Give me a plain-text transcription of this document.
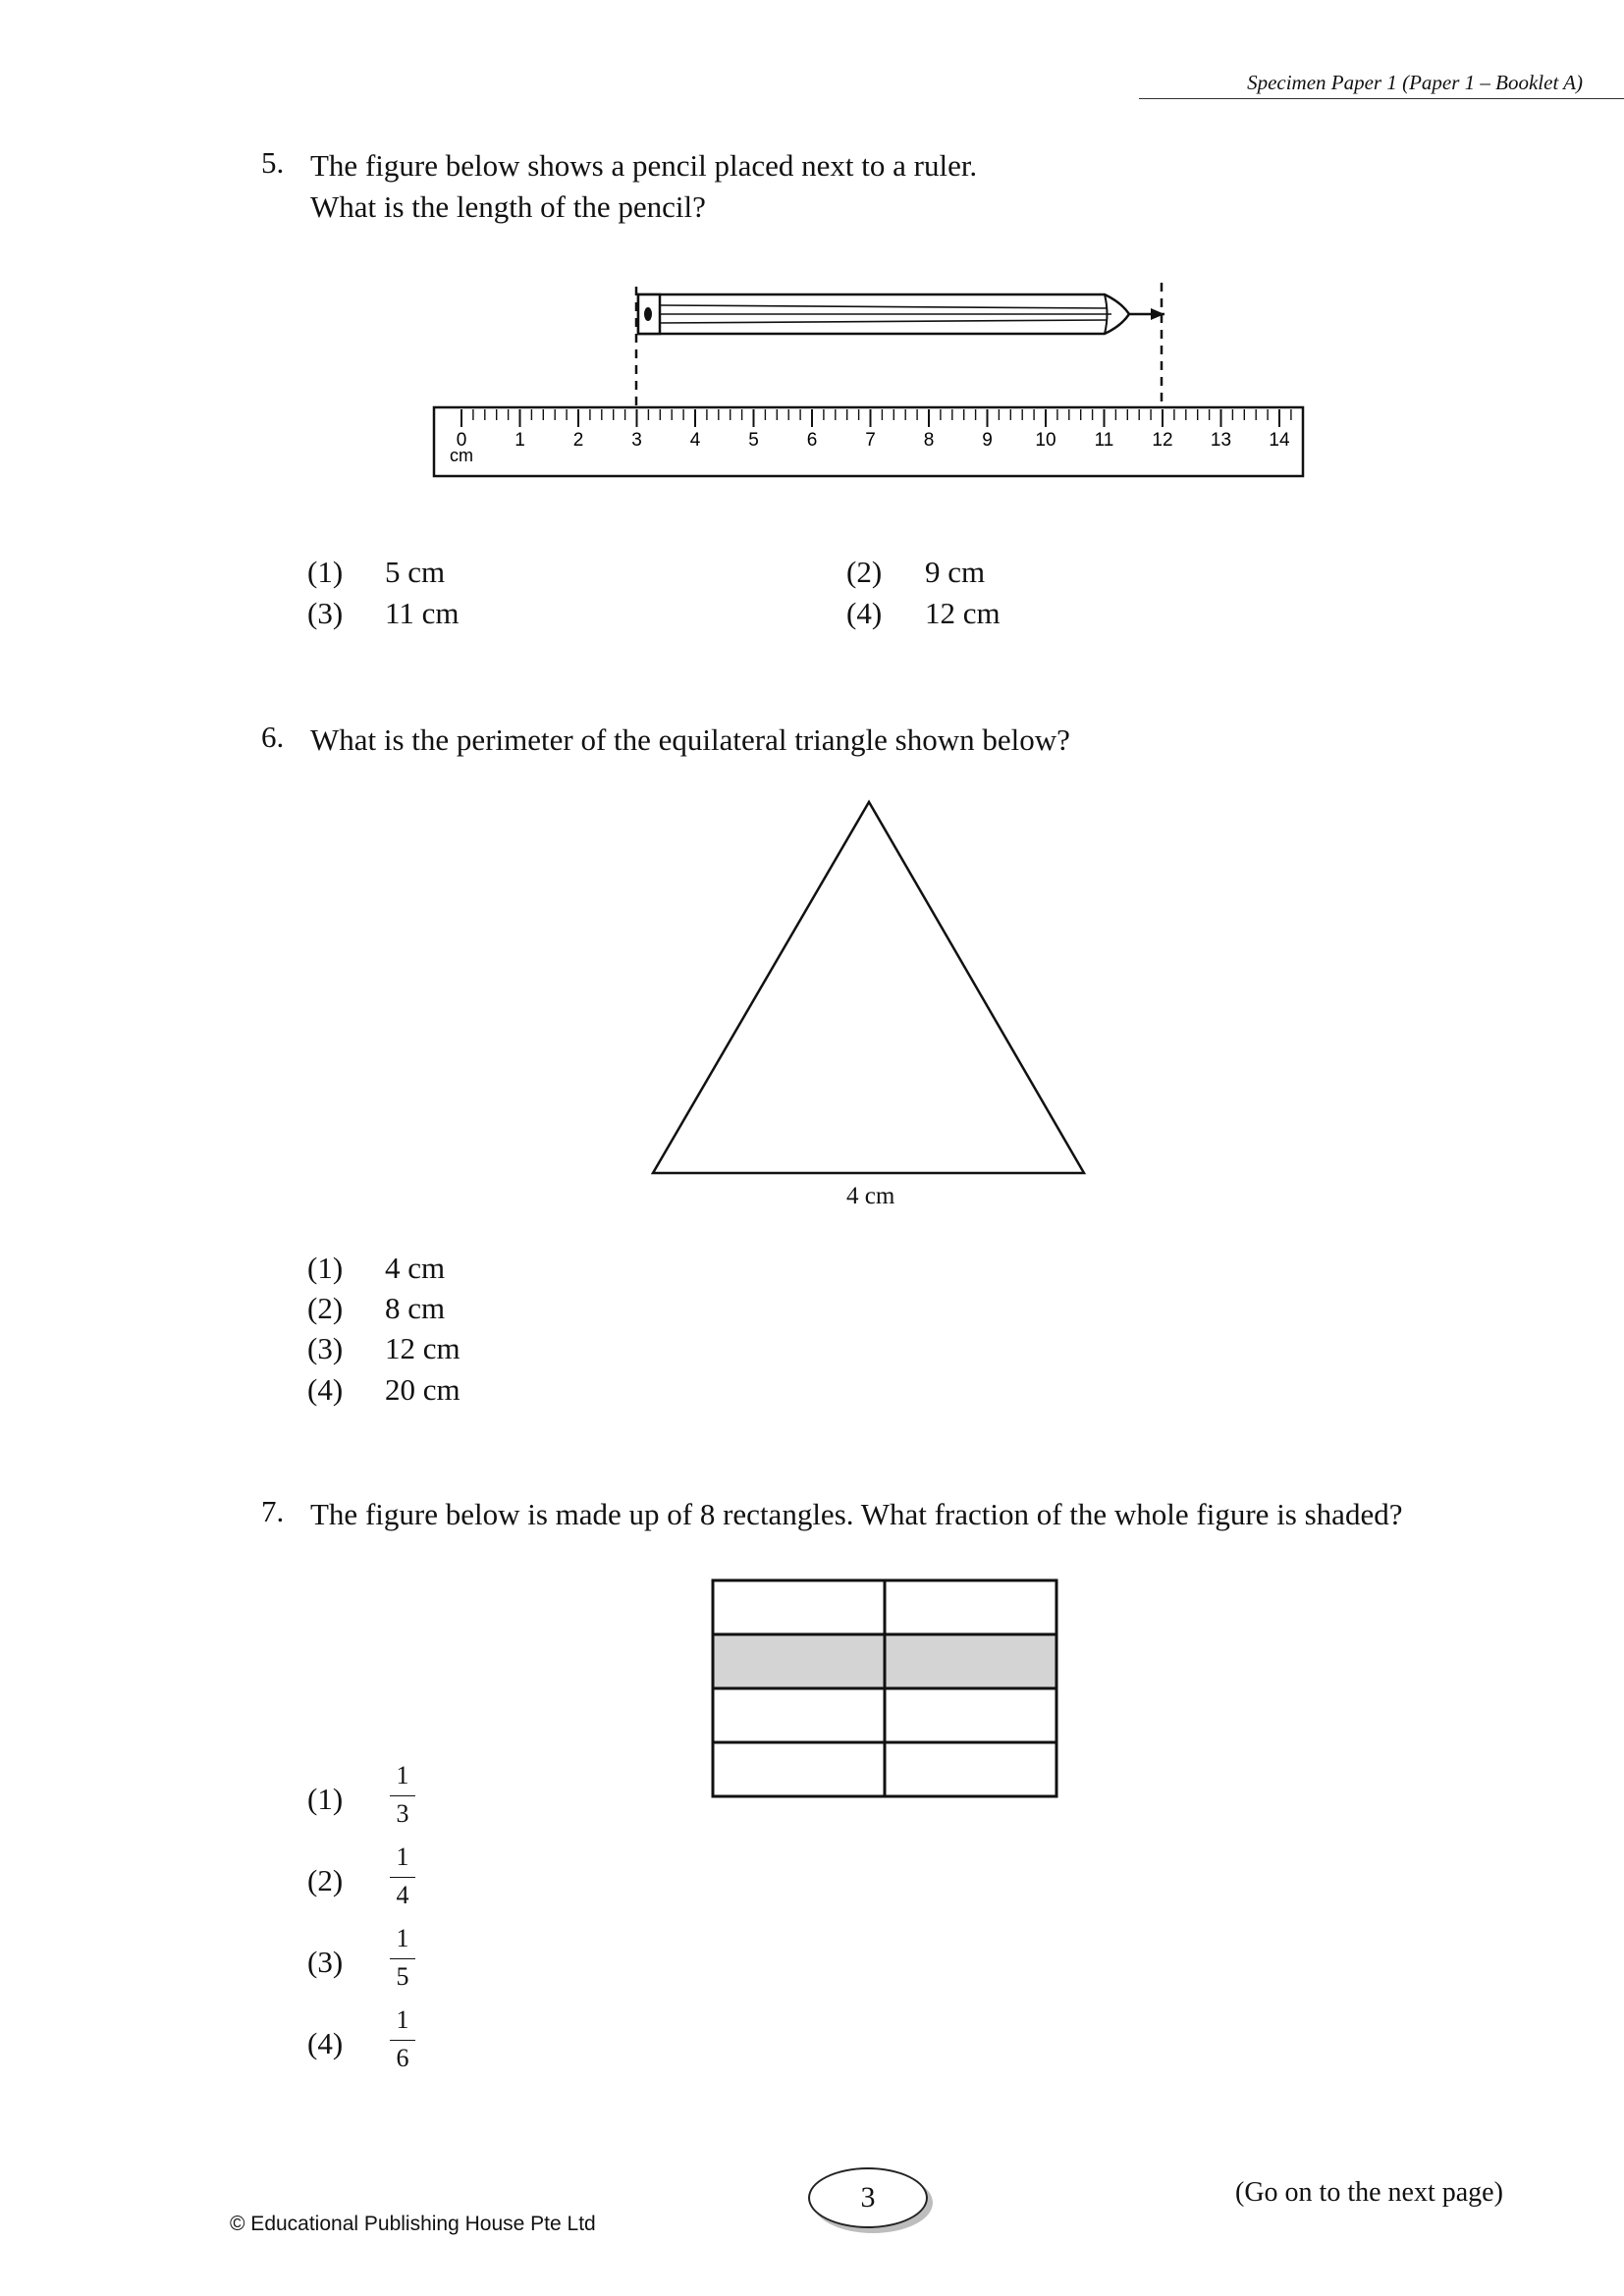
Specimen Paper 1 (Paper 1 – Booklet A)
5. The figure below shows a pencil placed next to a ruler.
What is the length of the pencil?
0	1	2	3	4	5	6	7	8	9 10 11 12 13 14
cm
(1) 5 cm	(2) 9 cm
(3) 11 cm	(4) 12 cm
6. What is the perimeter of the equilateral triangle shown below?
4 cm
(1) 4 cm
(2) 8 cm
(3) 12 cm
(4) 20 cm
7. The figure below is made up of 8 rectangles. What fraction of the whole figure is shaded?
(1)
1
3
(2)
1
4
(3)
1
5
(4)
1
6
3
© Educational Publishing House Pte Ltd
(Go on to the next page)
